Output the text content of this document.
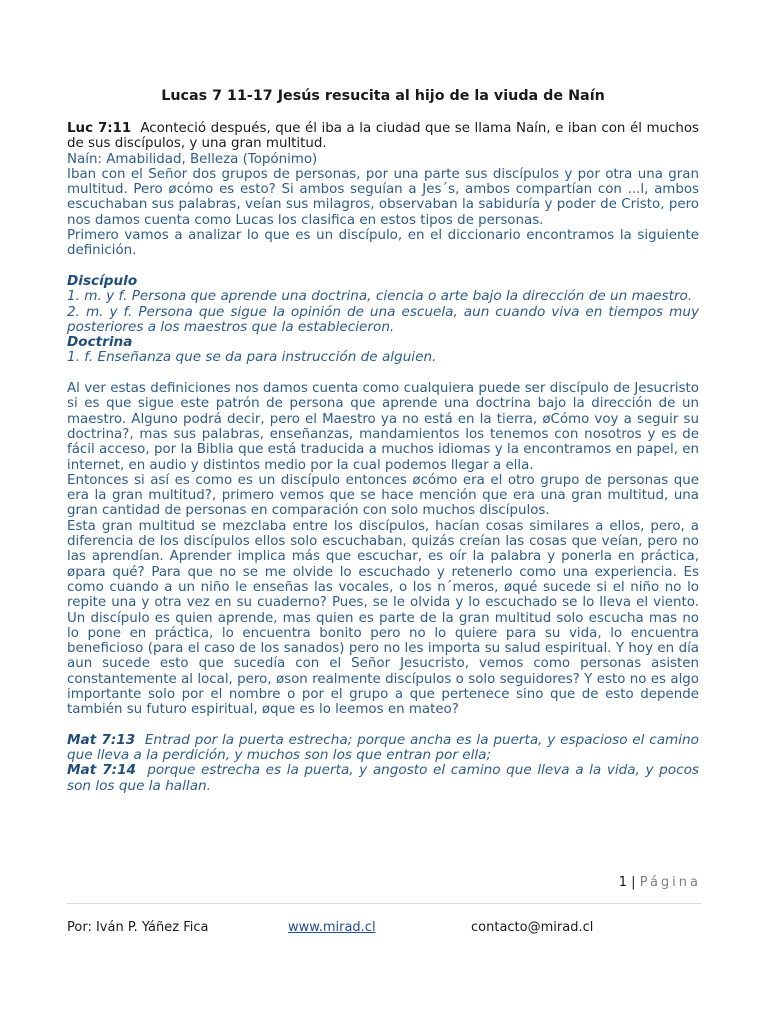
Lucas 7 11-17 Jesús resucita al hijo de la viuda de Naín

Luc 7:11 Aconteció después, que él iba a la ciudad que se llama Naín, e iban con él muchos de sus discípulos, y una gran multitud.

Naín: Amabilidad, Belleza (Topónimo)

Iban con el Señor dos grupos de personas, por una parte sus discípulos y por otra una gran multitud. Pero øcómo es esto? Si ambos seguían a Jes´s, ambos compartían con ...l, ambos escuchaban sus palabras, veían sus milagros, observaban la sabiduría y poder de Cristo, pero nos damos cuenta como Lucas los clasifica en estos tipos de personas.

Primero vamos a analizar lo que es un discípulo, en el diccionario encontramos la siguiente definición.

Discípulo

1. m. y f. Persona que aprende una doctrina, ciencia o arte bajo la dirección de un maestro.

2. m. y f. Persona que sigue la opinión de una escuela, aun cuando viva en tiempos muy posteriores a los maestros que la establecieron.

Doctrina

1. f. Enseñanza que se da para instrucción de alguien.

Al ver estas definiciones nos damos cuenta como cualquiera puede ser discípulo de Jesucristo si es que sigue este patrón de persona que aprende una doctrina bajo la dirección de un maestro. Alguno podrá decir, pero el Maestro ya no está en la tierra, øCómo voy a seguir su doctrina?, mas sus palabras, enseñanzas, mandamientos los tenemos con nosotros y es de fácil acceso, por la Biblia que está traducida a muchos idiomas y la encontramos en papel, en internet, en audio y distintos medio por la cual podemos llegar a ella.

Entonces si así es como es un discípulo entonces øcómo era el otro grupo de personas que era la gran multitud?, primero vemos que se hace mención que era una gran multitud, una gran cantidad de personas en comparación con solo muchos discípulos.

Esta gran multitud se mezclaba entre los discípulos, hacían cosas similares a ellos, pero, a diferencia de los discípulos ellos solo escuchaban, quizás creían las cosas que veían, pero no las aprendían. Aprender implica más que escuchar, es oír la palabra y ponerla en práctica, øpara qué? Para que no se me olvide lo escuchado y retenerlo como una experiencia. Es como cuando a un niño le enseñas las vocales, o los n´meros, øqué sucede si el niño no lo repite una y otra vez en su cuaderno? Pues, se le olvida y lo escuchado se lo lleva el viento. Un discípulo es quien aprende, mas quien es parte de la gran multitud solo escucha mas no lo pone en práctica, lo encuentra bonito pero no lo quiere para su vida, lo encuentra beneficioso (para el caso de los sanados) pero no les importa su salud espiritual. Y hoy en día aun sucede esto que sucedía con el Señor Jesucristo, vemos como personas asisten constantemente al local, pero, øson realmente discípulos o solo seguidores? Y esto no es algo importante solo por el nombre o por el grupo a que pertenece sino que de esto depende también su futuro espiritual, øque es lo leemos en mateo?

Mat 7:13 Entrad por la puerta estrecha; porque ancha es la puerta, y espacioso el camino que lleva a la perdición, y muchos son los que entran por ella;

Mat 7:14 porque estrecha es la puerta, y angosto el camino que lleva a la vida, y pocos son los que la hallan.

1 | Página
Por: Iván P. Yáñez Fica	www.mirad.cl	contacto@mirad.cl
